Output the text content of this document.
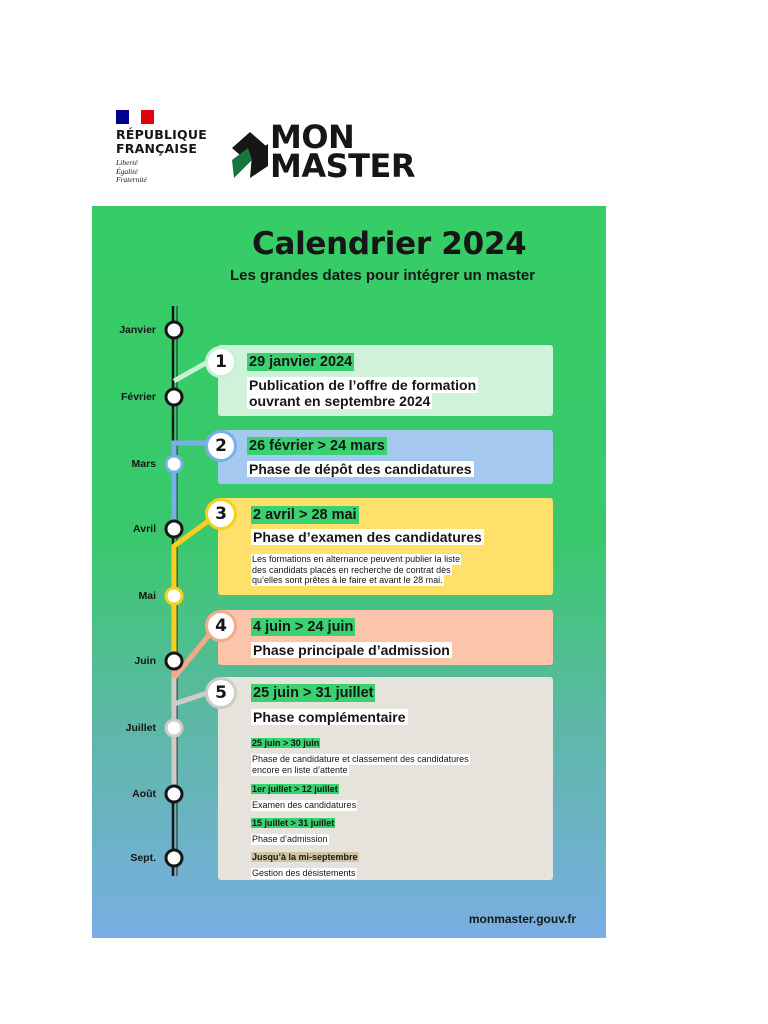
RÉPUBLIQUE
FRANÇAISE
Liberté
Égalité
Fraternité
MON
MASTER
Calendrier 2024
Les grandes dates pour intégrer un master
Janvier
Février
Mars
Avril
Mai
Juin
Juillet
Août
Sept.
29 janvier 2024
Publication de l’offre de formation
ouvrant en septembre 2024
1
26 février > 24 mars
Phase de dépôt des candidatures
2
2 avril > 28 mai
Phase d’examen des candidatures
Les formations en alternance peuvent publier la liste
des candidats placés en recherche de contrat dès
qu’elles sont prêtes à le faire et avant le 28 mai.
3
4 juin > 24 juin
Phase principale d’admission
4
25 juin > 31 juillet
Phase complémentaire
25 juin > 30 juin
Phase de candidature et classement des candidatures
encore en liste d’attente
1er juillet > 12 juillet
Examen des candidatures
15 juillet > 31 juillet
Phase d’admission
Jusqu’à la mi-septembre
Gestion des désistements
5
monmaster.gouv.fr
